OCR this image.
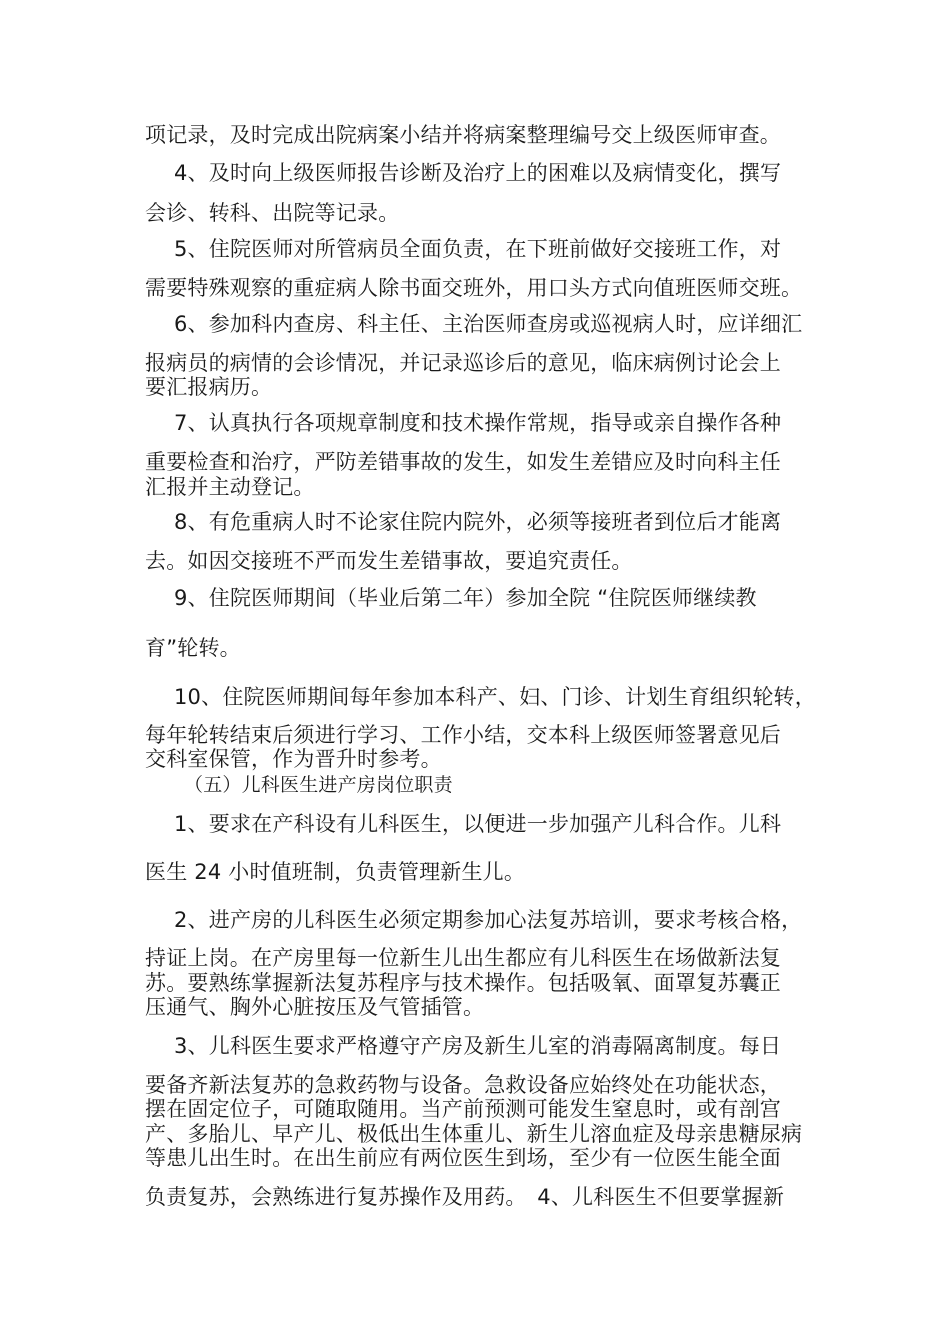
项记录，及时完成出院病案小结并将病案整理编号交上级医师审查。
4、及时向上级医师报告诊断及治疗上的困难以及病情变化，撰写
会诊、转科、出院等记录。
5、住院医师对所管病员全面负责，在下班前做好交接班工作，对
需要特殊观察的重症病人除书面交班外，用口头方式向值班医师交班。
6、参加科内查房、科主任、主治医师查房或巡视病人时，应详细汇
报病员的病情的会诊情况，并记录巡诊后的意见，临床病例讨论会上
要汇报病历。
7、认真执行各项规章制度和技术操作常规，指导或亲自操作各种
重要检查和治疗，严防差错事故的发生，如发生差错应及时向科主任
汇报并主动登记。
8、有危重病人时不论家住院内院外，必须等接班者到位后才能离
去。如因交接班不严而发生差错事故，要追究责任。
9、住院医师期间（毕业后第二年）参加全院 “住院医师继续教
育”轮转。
10、住院医师期间每年参加本科产、妇、门诊、计划生育组织轮转，
每年轮转结束后须进行学习、工作小结，交本科上级医师签署意见后
交科室保管，作为晋升时参考。
（五）儿科医生进产房岗位职责
1、要求在产科设有儿科医生，以便进一步加强产儿科合作。儿科
医生 24 小时值班制，负责管理新生儿。
2、进产房的儿科医生必须定期参加心法复苏培训，要求考核合格，
持证上岗。在产房里每一位新生儿出生都应有儿科医生在场做新法复
苏。要熟练掌握新法复苏程序与技术操作。包括吸氧、面罩复苏囊正
压通气、胸外心脏按压及气管插管。
3、儿科医生要求严格遵守产房及新生儿室的消毒隔离制度。每日
要备齐新法复苏的急救药物与设备。急救设备应始终处在功能状态，
摆在固定位子，可随取随用。当产前预测可能发生窒息时，或有剖宫
产、多胎儿、早产儿、极低出生体重儿、新生儿溶血症及母亲患糖尿病
等患儿出生时。在出生前应有两位医生到场，至少有一位医生能全面
负责复苏，会熟练进行复苏操作及用药。　4、儿科医生不但要掌握新
